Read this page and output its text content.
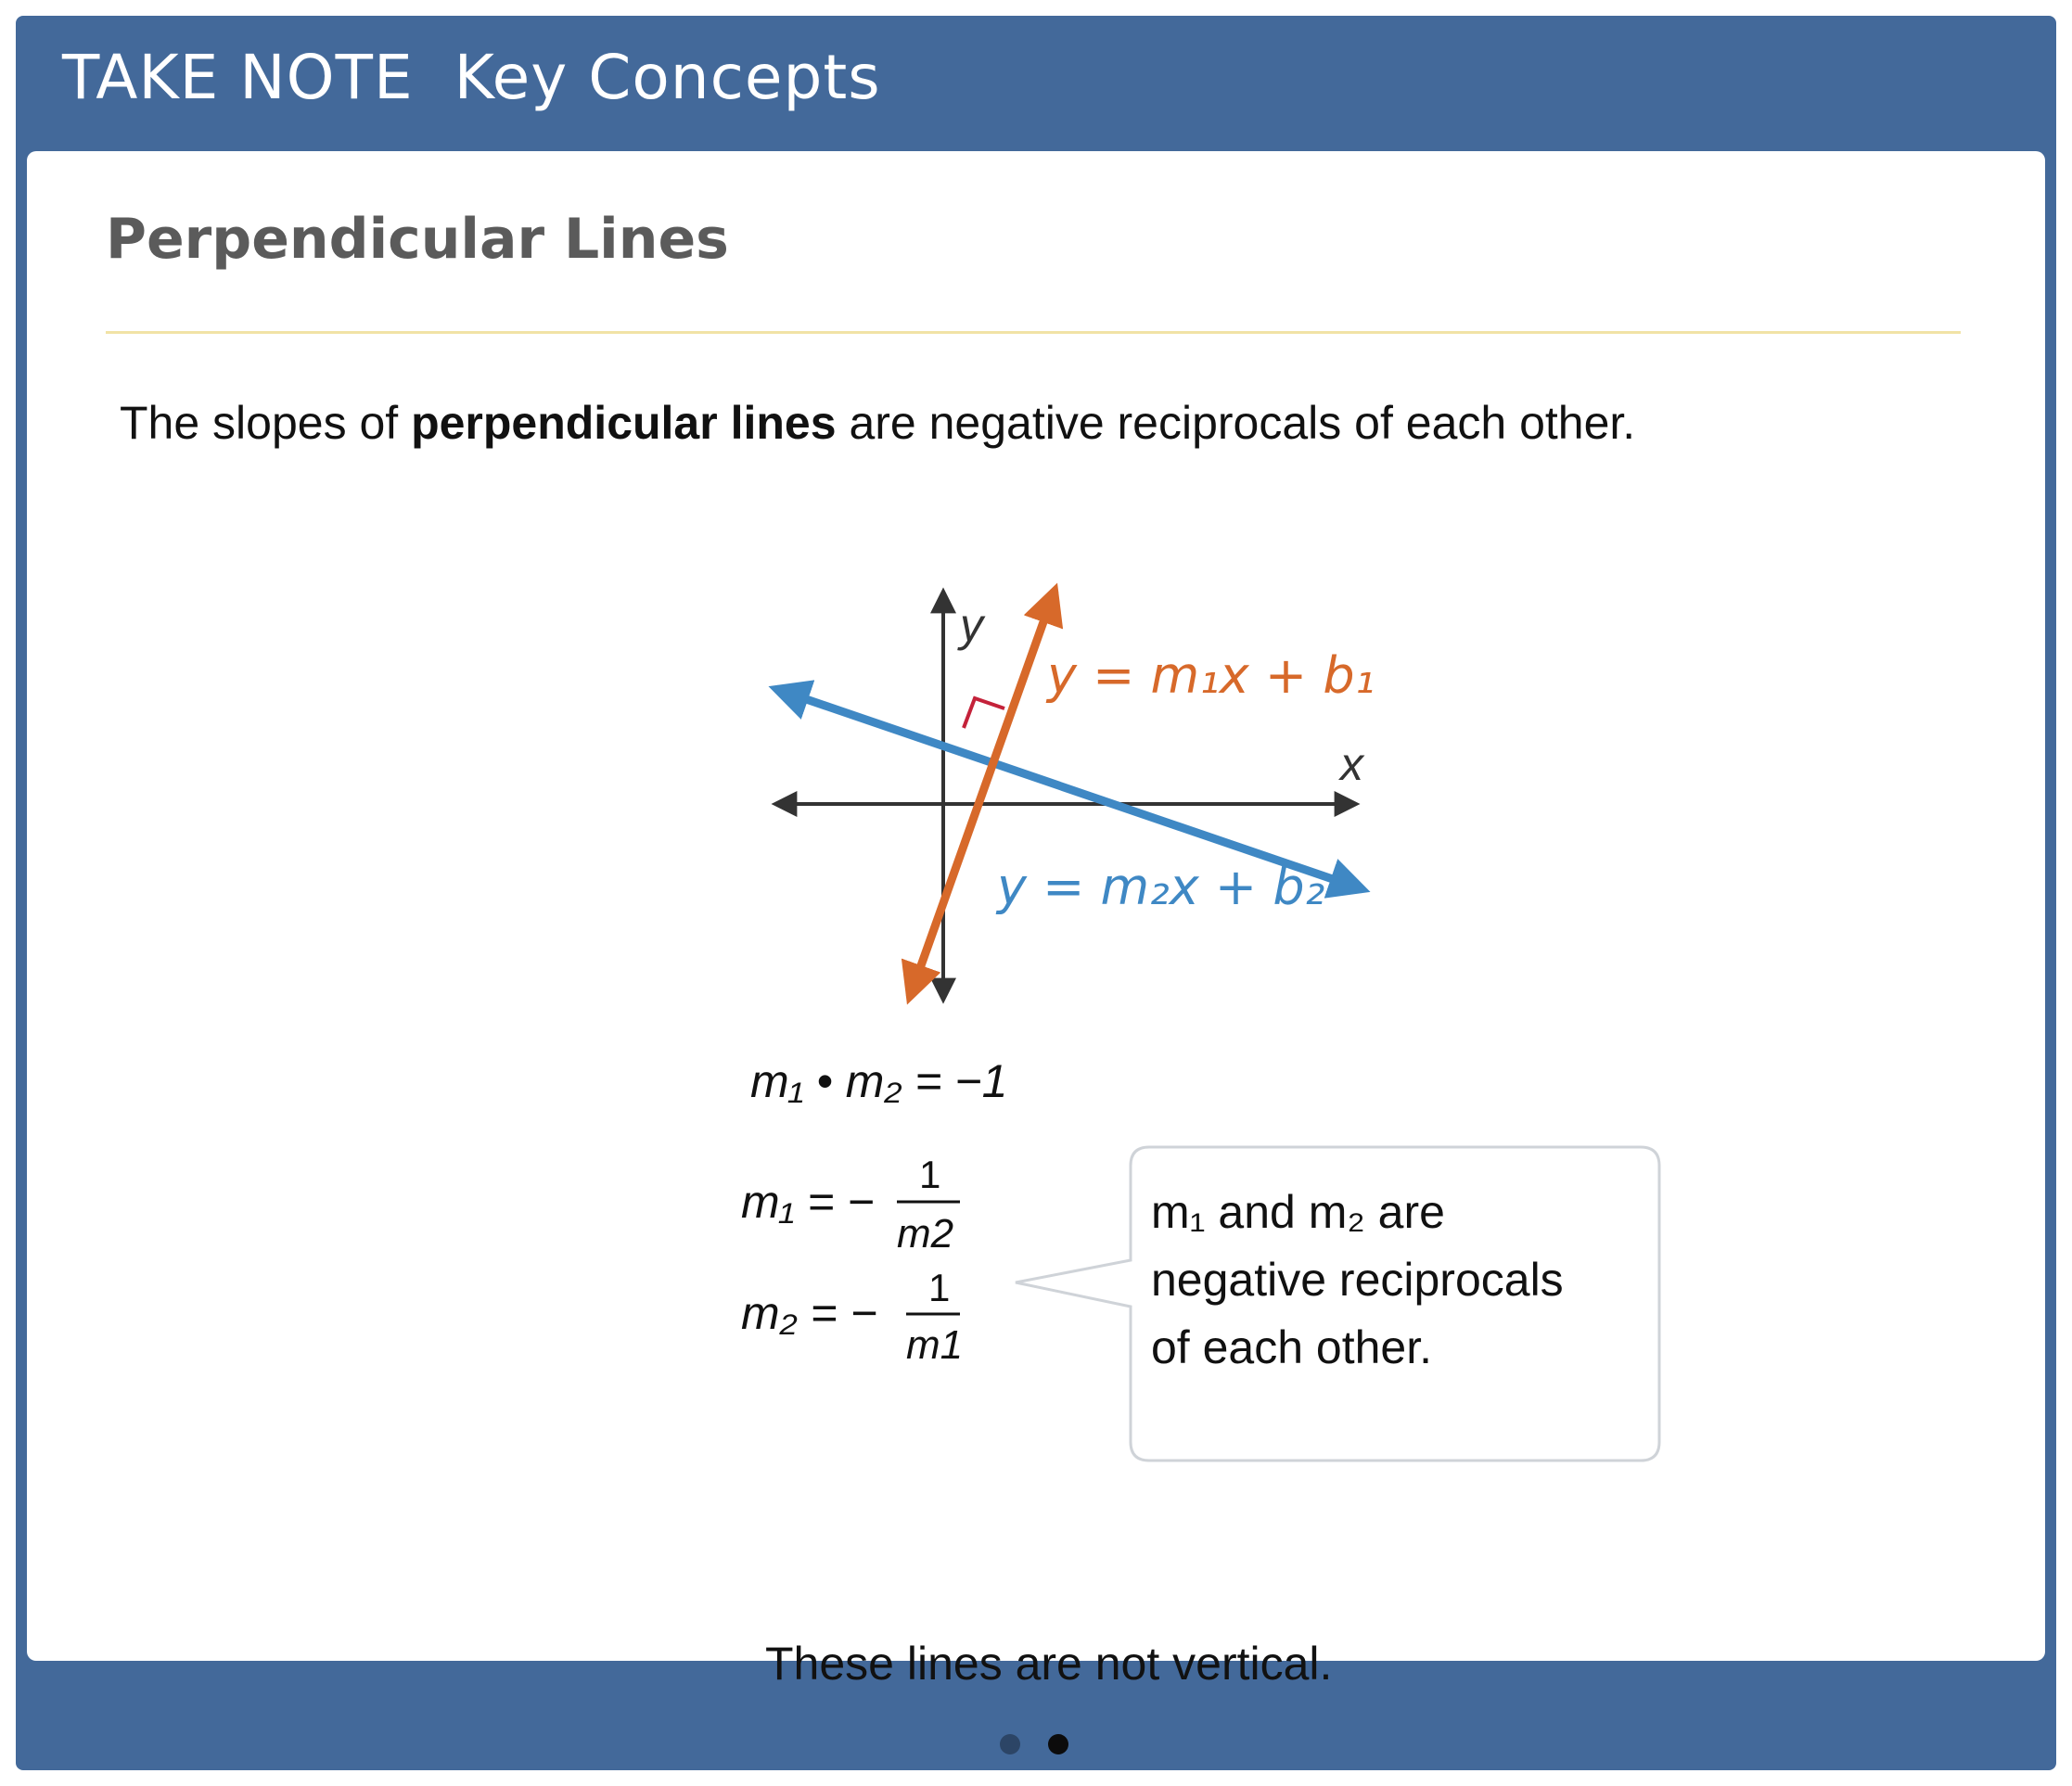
TAKE NOTE Key Concepts
Perpendicular Lines

The slopes of perpendicular lines are negative reciprocals of each other.

y
x
y = m₁x + b₁
y = m₂x + b₂
m₁ • m₂ = −1
m₁ = −
1
m2
m₂ = − 1
m1
m₁ and m₂ are
negative reciprocals
of each other.

These lines are not vertical.
